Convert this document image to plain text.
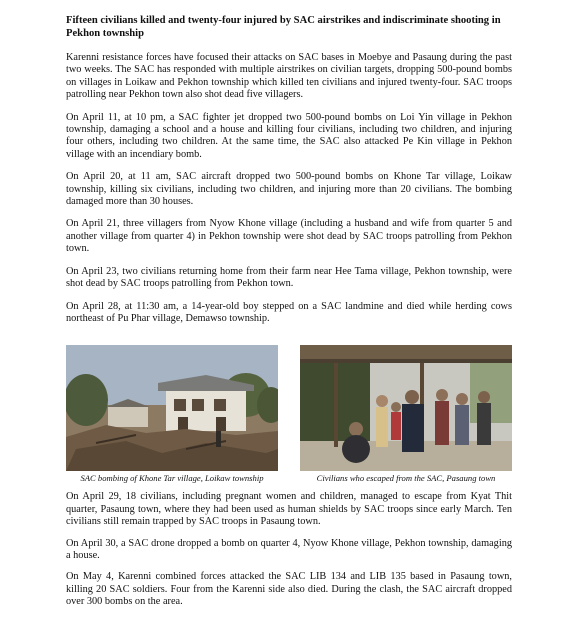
Fifteen civilians killed and twenty-four injured by SAC airstrikes and indiscriminate shooting in Pekhon township

Karenni resistance forces have focused their attacks on SAC bases in Moebye and Pasaung during the past two weeks. The SAC has responded with multiple airstrikes on civilian targets, dropping 500-pound bombs on villages in Loikaw and Pekhon township which killed ten civilians and injured twenty-four. SAC troops patrolling near Pekhon town also shot dead five villagers.

On April 11, at 10 pm, a SAC fighter jet dropped two 500-pound bombs on Loi Yin village in Pekhon township, damaging a school and a house and killing four civilians, including two children, and injuring four others, including two children. At the same time, the SAC also attacked Pe Kin village in Pekhon village with an incendiary bomb.

On April 20, at 11 am, SAC aircraft dropped two 500-pound bombs on Khone Tar village, Loikaw township, killing six civilians, including two children, and injuring more than 20 civilians. The bombing damaged more than 30 houses.

On April 21, three villagers from Nyow Khone village (including a husband and wife from quarter 5 and another village from quarter 4) in Pekhon township were shot dead by SAC troops patrolling from Pekhon town.

On April 23, two civilians returning home from their farm near Hee Tama village, Pekhon township, were shot dead by SAC troops patrolling from Pekhon town.

On April 28, at 11:30 am, a 14-year-old boy stepped on a SAC landmine and died while herding cows northeast of Pu Phar village, Demawso township.

SAC bombing of Khone Tar village, Loikaw township	Civilians who escaped from the SAC, Pasaung town

On April 29, 18 civilians, including pregnant women and children, managed to escape from Kyat Thit quarter, Pasaung town, where they had been used as human shields by SAC troops since early March. Ten civilians still remain trapped by SAC troops in Pasaung town.

On April 30, a SAC drone dropped a bomb on quarter 4, Nyow Khone village, Pekhon township, damaging a house.

On May 4, Karenni combined forces attacked the SAC LIB 134 and LIB 135 based in Pasaung town, killing 20 SAC soldiers. Four from the Karenni side also died. During the clash, the SAC aircraft dropped over 300 bombs on the area.
